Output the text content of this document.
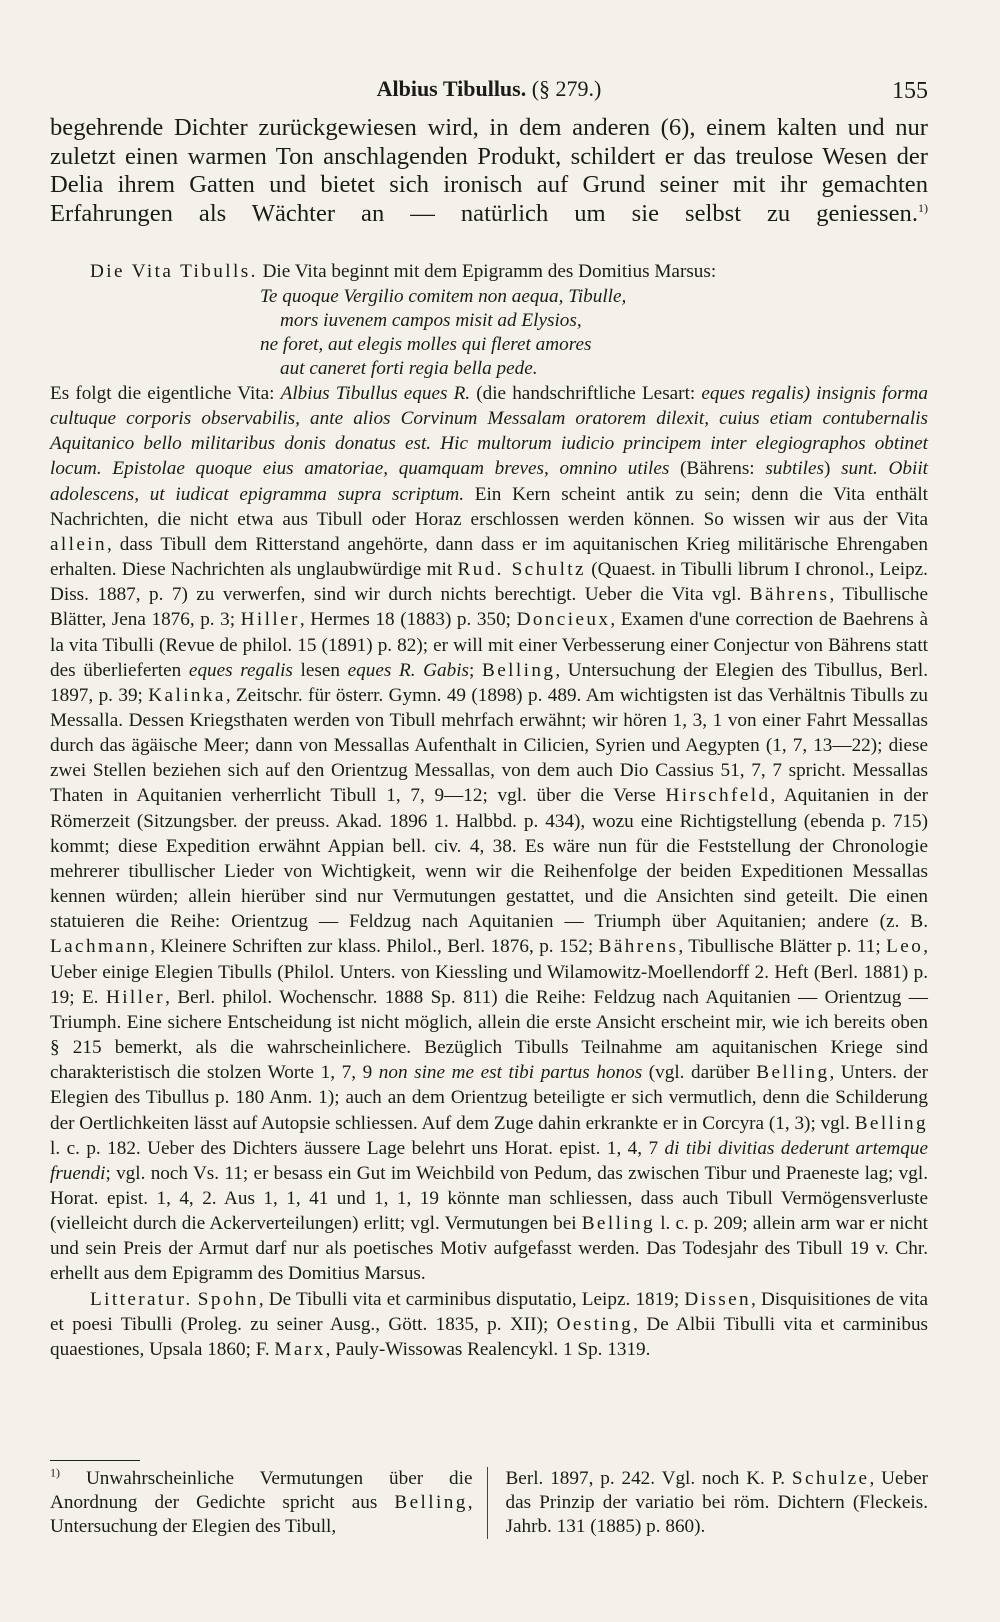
Albius Tibullus. (§ 279.)	155

begehrende Dichter zurückgewiesen wird, in dem anderen (6), einem kalten und nur zuletzt einen warmen Ton anschlagenden Produkt, schildert er das treulose Wesen der Delia ihrem Gatten und bietet sich ironisch auf Grund seiner mit ihr gemachten Erfahrungen als Wächter an — natürlich um sie selbst zu geniessen.$^{1)}$

Die Vita Tibulls. Die Vita beginnt mit dem Epigramm des Domitius Marsus:

Te quoque Vergilio comitem non aequa, Tibulle,
mors iuvenem campos misit ad Elysios,
ne foret, aut elegis molles qui fleret amores
aut caneret forti regia bella pede.

Es folgt die eigentliche Vita: Albius Tibullus eques R. (die handschriftliche Lesart: eques regalis) insignis forma cultuque corporis observabilis, ante alios Corvinum Messalam oratorem dilexit, cuius etiam contubernalis Aquitanico bello militaribus donis donatus est. Hic multorum iudicio principem inter elegiographos obtinet locum. Epistolae quoque eius amatoriae, quamquam breves, omnino utiles (Bährens: subtiles) sunt. Obiit adolescens, ut iudicat epigramma supra scriptum. Ein Kern scheint antik zu sein; denn die Vita enthält Nachrichten, die nicht etwa aus Tibull oder Horaz erschlossen werden können. So wissen wir aus der Vita allein, dass Tibull dem Ritterstand angehörte, dann dass er im aquitanischen Krieg militärische Ehrengaben erhalten. Diese Nachrichten als unglaubwürdige mit Rud. Schultz (Quaest. in Tibulli librum I chronol., Leipz. Diss. 1887, p. 7) zu verwerfen, sind wir durch nichts berechtigt. Ueber die Vita vgl. Bährens, Tibullische Blätter, Jena 1876, p. 3; Hiller, Hermes 18 (1883) p. 350; Doncieux, Examen d'une correction de Baehrens à la vita Tibulli (Revue de philol. 15 (1891) p. 82); er will mit einer Verbesserung einer Conjectur von Bährens statt des überlieferten eques regalis lesen eques R. Gabis; Belling, Untersuchung der Elegien des Tibullus, Berl. 1897, p. 39; Kalinka, Zeitschr. für österr. Gymn. 49 (1898) p. 489. Am wichtigsten ist das Verhältnis Tibulls zu Messalla. Dessen Kriegsthaten werden von Tibull mehrfach erwähnt; wir hören 1, 3, 1 von einer Fahrt Messallas durch das ägäische Meer; dann von Messallas Aufenthalt in Cilicien, Syrien und Aegypten (1, 7, 13—22); diese zwei Stellen beziehen sich auf den Orientzug Messallas, von dem auch Dio Cassius 51, 7, 7 spricht. Messallas Thaten in Aquitanien verherrlicht Tibull 1, 7, 9—12; vgl. über die Verse Hirschfeld, Aquitanien in der Römerzeit (Sitzungsber. der preuss. Akad. 1896 1. Halbbd. p. 434), wozu eine Richtigstellung (ebenda p. 715) kommt; diese Expedition erwähnt Appian bell. civ. 4, 38. Es wäre nun für die Feststellung der Chronologie mehrerer tibullischer Lieder von Wichtigkeit, wenn wir die Reihenfolge der beiden Expeditionen Messallas kennen würden; allein hierüber sind nur Vermutungen gestattet, und die Ansichten sind geteilt. Die einen statuieren die Reihe: Orientzug — Feldzug nach Aquitanien — Triumph über Aquitanien; andere (z. B. Lachmann, Kleinere Schriften zur klass. Philol., Berl. 1876, p. 152; Bährens, Tibullische Blätter p. 11; Leo, Ueber einige Elegien Tibulls (Philol. Unters. von Kiessling und Wilamowitz-Moellendorff 2. Heft (Berl. 1881) p. 19; E. Hiller, Berl. philol. Wochenschr. 1888 Sp. 811) die Reihe: Feldzug nach Aquitanien — Orientzug — Triumph. Eine sichere Entscheidung ist nicht möglich, allein die erste Ansicht erscheint mir, wie ich bereits oben § 215 bemerkt, als die wahrscheinlichere. Bezüglich Tibulls Teilnahme am aquitanischen Kriege sind charakteristisch die stolzen Worte 1, 7, 9 non sine me est tibi partus honos (vgl. darüber Belling, Unters. der Elegien des Tibullus p. 180 Anm. 1); auch an dem Orientzug beteiligte er sich vermutlich, denn die Schilderung der Oertlichkeiten lässt auf Autopsie schliessen. Auf dem Zuge dahin erkrankte er in Corcyra (1, 3); vgl. Belling l. c. p. 182. Ueber des Dichters äussere Lage belehrt uns Horat. epist. 1, 4, 7 di tibi divitias dederunt artemque fruendi; vgl. noch Vs. 11; er besass ein Gut im Weichbild von Pedum, das zwischen Tibur und Praeneste lag; vgl. Horat. epist. 1, 4, 2. Aus 1, 1, 41 und 1, 1, 19 könnte man schliessen, dass auch Tibull Vermögensverluste (vielleicht durch die Ackerverteilungen) erlitt; vgl. Vermutungen bei Belling l. c. p. 209; allein arm war er nicht und sein Preis der Armut darf nur als poetisches Motiv aufgefasst werden. Das Todesjahr des Tibull 19 v. Chr. erhellt aus dem Epigramm des Domitius Marsus.

Litteratur. Spohn, De Tibulli vita et carminibus disputatio, Leipz. 1819; Dissen, Disquisitiones de vita et poesi Tibulli (Proleg. zu seiner Ausg., Gött. 1835, p. XII); Oesting, De Albii Tibulli vita et carminibus quaestiones, Upsala 1860; F. Marx, Pauly-Wissowas Realencykl. 1 Sp. 1319.

$^{1)}$ Unwahrscheinliche Vermutungen über die Anordnung der Gedichte spricht aus Belling, Untersuchung der Elegien des Tibull,
Berl. 1897, p. 242. Vgl. noch K. P. Schulze, Ueber das Prinzip der variatio bei röm. Dichtern (Fleckeis. Jahrb. 131 (1885) p. 860).
